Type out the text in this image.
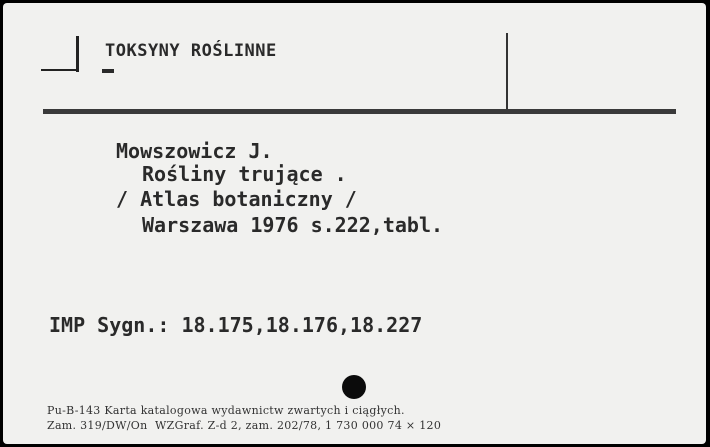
TOKSYNY ROŚLINNE
Mowszowicz J.
Rośliny trujące .
/ Atlas botaniczny /
Warszawa 1976 s.222,tabl.
IMP Sygn.: 18.175,18.176,18.227
Pu-B-143 Karta katalogowa wydawnictw zwartych i ciągłych.
Zam. 319/DW/On  WZGraf. Z-d 2, zam. 202/78, 1 730 000 74 × 120
